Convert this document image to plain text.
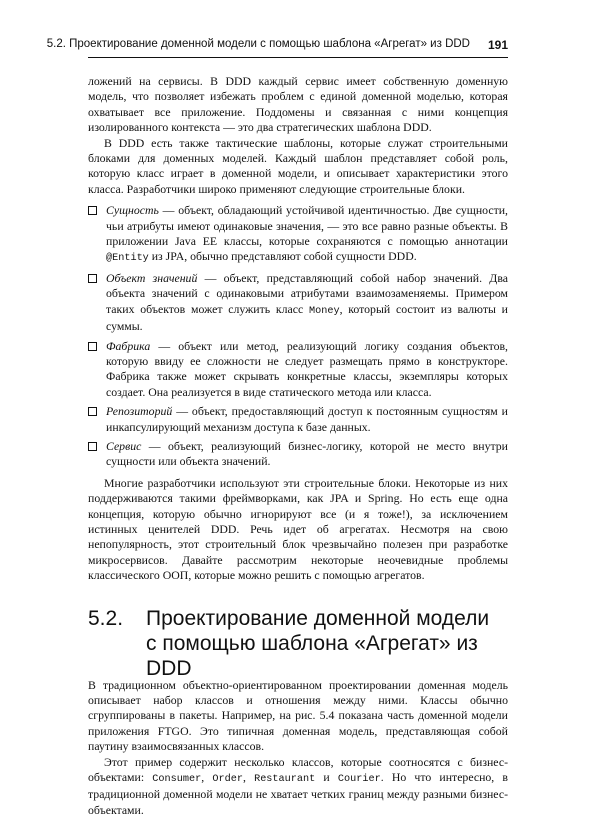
5.2. Проектирование доменной модели с помощью шаблона «Агрегат» из DDD 191

ложений на сервисы. В DDD каждый сервис имеет собственную доменную модель, что позволяет избежать проблем с единой доменной моделью, которая охватывает все приложение. Поддомены и связанная с ними концепция изолированного контекста — это два стратегических шаблона DDD.

В DDD есть также тактические шаблоны, которые служат строительными блоками для доменных моделей. Каждый шаблон представляет собой роль, которую класс играет в доменной модели, и описывает характеристики этого класса. Разработчики широко применяют следующие строительные блоки.

Сущность — объект, обладающий устойчивой идентичностью. Две сущности, чьи атрибуты имеют одинаковые значения, — это все равно разные объекты. В приложении Java EE классы, которые сохраняются с помощью аннотации @Entity из JPA, обычно представляют собой сущности DDD.
Объект значений — объект, представляющий собой набор значений. Два объекта значений с одинаковыми атрибутами взаимозаменяемы. Примером таких объектов может служить класс Money, который состоит из валюты и суммы.
Фабрика — объект или метод, реализующий логику создания объектов, которую ввиду ее сложности не следует размещать прямо в конструкторе. Фабрика также может скрывать конкретные классы, экземпляры которых создает. Она реализуется в виде статического метода или класса.
Репозиторий — объект, предоставляющий доступ к постоянным сущностям и инкапсулирующий механизм доступа к базе данных.
Сервис — объект, реализующий бизнес-логику, которой не место внутри сущности или объекта значений.

Многие разработчики используют эти строительные блоки. Некоторые из них поддерживаются такими фреймворками, как JPA и Spring. Но есть еще одна концепция, которую обычно игнорируют все (и я тоже!), за исключением истинных ценителей DDD. Речь идет об агрегатах. Несмотря на свою непопулярность, этот строительный блок чрезвычайно полезен при разработке микросервисов. Давайте рассмотрим некоторые неочевидные проблемы классического ООП, которые можно решить с помощью агрегатов.

5.2. Проектирование доменной модели
с помощью шаблона «Агрегат» из DDD

В традиционном объектно-ориентированном проектировании доменная модель описывает набор классов и отношения между ними. Классы обычно сгруппированы в пакеты. Например, на рис. 5.4 показана часть доменной модели приложения FTGO. Это типичная доменная модель, представляющая собой паутину взаимосвязанных классов.

Этот пример содержит несколько классов, которые соотносятся с бизнес-объектами: Consumer, Order, Restaurant и Courier. Но что интересно, в традиционной доменной модели не хватает четких границ между разными бизнес-объектами.
